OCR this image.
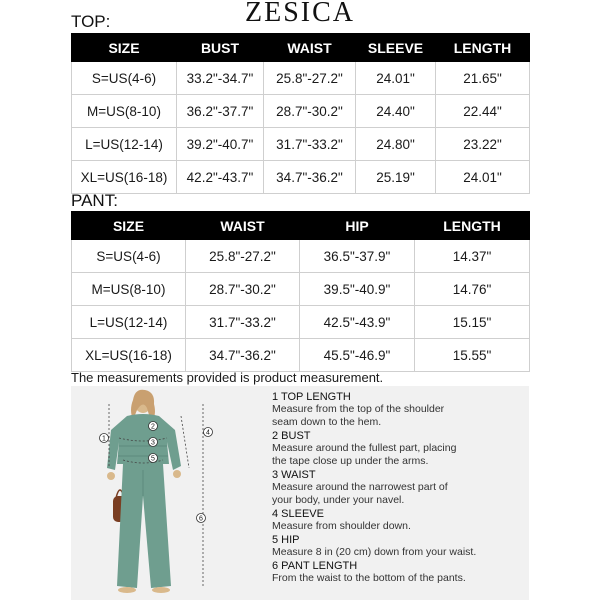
ZESICA
TOP:
SIZE	BUST	WAIST	SLEEVE	LENGTH
S=US(4-6)	33.2"-34.7"	25.8"-27.2"	24.01"	21.65"
M=US(8-10)	36.2"-37.7"	28.7"-30.2"	24.40"	22.44"
L=US(12-14)	39.2"-40.7"	31.7"-33.2"	24.80"	23.22"
XL=US(16-18)	42.2"-43.7"	34.7"-36.2"	25.19"	24.01"
PANT:
SIZE	WAIST	HIP	LENGTH
S=US(4-6)	25.8"-27.2"	36.5"-37.9"	14.37"
M=US(8-10)	28.7"-30.2"	39.5"-40.9"	14.76"
L=US(12-14)	31.7"-33.2"	42.5"-43.9"	15.15"
XL=US(16-18)	34.7"-36.2"	45.5"-46.9"	15.55"
The measurements provided is product measurement.
1
2
3
4
5
6
1 TOP LENGTH
Measure from the top of the shoulder
seam down to the hem.
2 BUST
Measure around the fullest part, placing
the tape close up under the arms.
3 WAIST
Measure around the narrowest part of
your body, under your navel.
4 SLEEVE
Measure from shoulder down.
5 HIP
Measure 8 in (20 cm) down from your waist.
6 PANT LENGTH
From the waist to the bottom of the pants.
